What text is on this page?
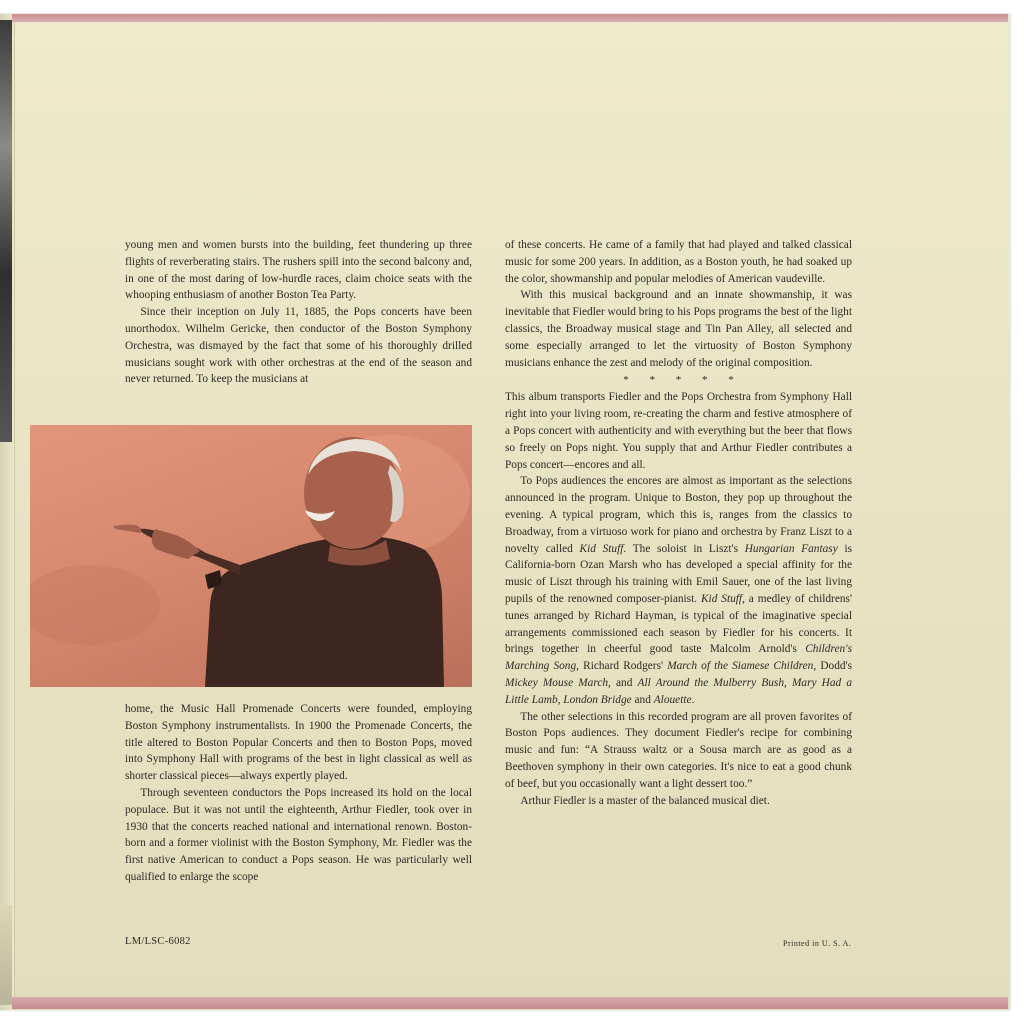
young men and women bursts into the building, feet thundering up three flights of reverberating stairs. The rushers spill into the second balcony and, in one of the most daring of low-hurdle races, claim choice seats with the whooping enthusiasm of another Boston Tea Party.

Since their inception on July 11, 1885, the Pops concerts have been unorthodox. Wilhelm Gericke, then conductor of the Boston Symphony Orchestra, was dismayed by the fact that some of his thoroughly drilled musicians sought work with other orchestras at the end of the season and never returned. To keep the musicians at

home, the Music Hall Promenade Concerts were founded, employing Boston Symphony instrumentalists. In 1900 the Promenade Concerts, the title altered to Boston Popular Concerts and then to Boston Pops, moved into Symphony Hall with programs of the best in light classical as well as shorter classical pieces—always expertly played.

Through seventeen conductors the Pops increased its hold on the local populace. But it was not until the eighteenth, Arthur Fiedler, took over in 1930 that the concerts reached national and international renown. Boston-born and a former violinist with the Boston Symphony, Mr. Fiedler was the first native American to conduct a Pops season. He was particularly well qualified to enlarge the scope

of these concerts. He came of a family that had played and talked classical music for some 200 years. In addition, as a Boston youth, he had soaked up the color, showmanship and popular melodies of American vaudeville.

With this musical background and an innate showmanship, it was inevitable that Fiedler would bring to his Pops programs the best of the light classics, the Broadway musical stage and Tin Pan Alley, all selected and some especially arranged to let the virtuosity of Boston Symphony musicians enhance the zest and melody of the original composition.

* * * * *

This album transports Fiedler and the Pops Orchestra from Symphony Hall right into your living room, re-creating the charm and festive atmosphere of a Pops concert with authenticity and with everything but the beer that flows so freely on Pops night. You supply that and Arthur Fiedler contributes a Pops concert—encores and all.

To Pops audiences the encores are almost as important as the selections announced in the program. Unique to Boston, they pop up throughout the evening. A typical program, which this is, ranges from the classics to Broadway, from a virtuoso work for piano and orchestra by Franz Liszt to a novelty called Kid Stuff. The soloist in Liszt's Hungarian Fantasy is California-born Ozan Marsh who has developed a special affinity for the music of Liszt through his training with Emil Sauer, one of the last living pupils of the renowned composer-pianist. Kid Stuff, a medley of childrens' tunes arranged by Richard Hayman, is typical of the imaginative special arrangements commissioned each season by Fiedler for his concerts. It brings together in cheerful good taste Malcolm Arnold's Children's Marching Song, Richard Rodgers' March of the Siamese Children, Dodd's Mickey Mouse March, and All Around the Mulberry Bush, Mary Had a Little Lamb, London Bridge and Alouette.

The other selections in this recorded program are all proven favorites of Boston Pops audiences. They document Fiedler's recipe for combining music and fun: “A Strauss waltz or a Sousa march are as good as a Beethoven symphony in their own categories. It's nice to eat a good chunk of beef, but you occasionally want a light dessert too.”

Arthur Fiedler is a master of the balanced musical diet.

LM/LSC-6082	Printed in U. S. A.
